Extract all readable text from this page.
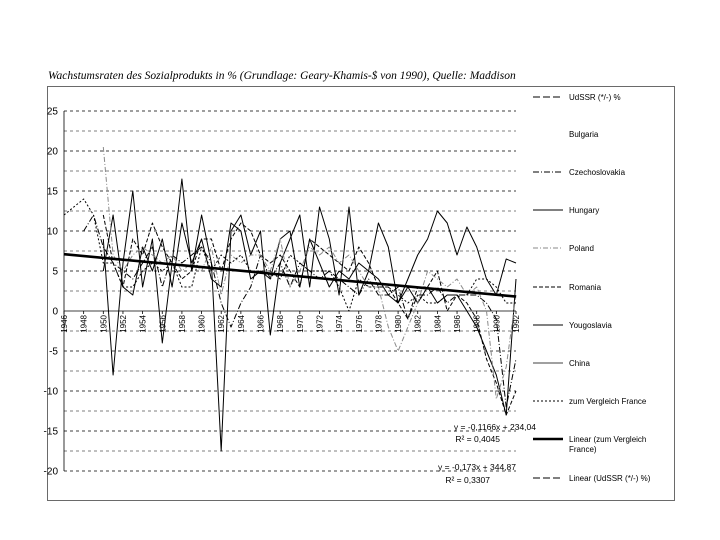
Wachstumsraten des Sozialprodukts in % (Grundlage: Geary-Khamis-$ von 1990), Quelle: Maddison
25
20
15
10
5
0
-5
-10
-15
-20
1946 1948 1950 1952 1954 1956 1958 1960 1962 1964 1966 1968 1970 1972 1974 1976 1978 1980 1982 1984 1986 1988 1990 1992
y = -0,1166x + 234,04
R² = 0,4045
y = -0,173x + 344,87
R² = 0,3307
UdSSR (*/-) %
Bulgaria
Czechoslovakia
Hungary
Poland
Romania
Yougoslavia
China
zum Vergleich France
Linear (zum Vergleich
France)
Linear (UdSSR (*/-) %)
